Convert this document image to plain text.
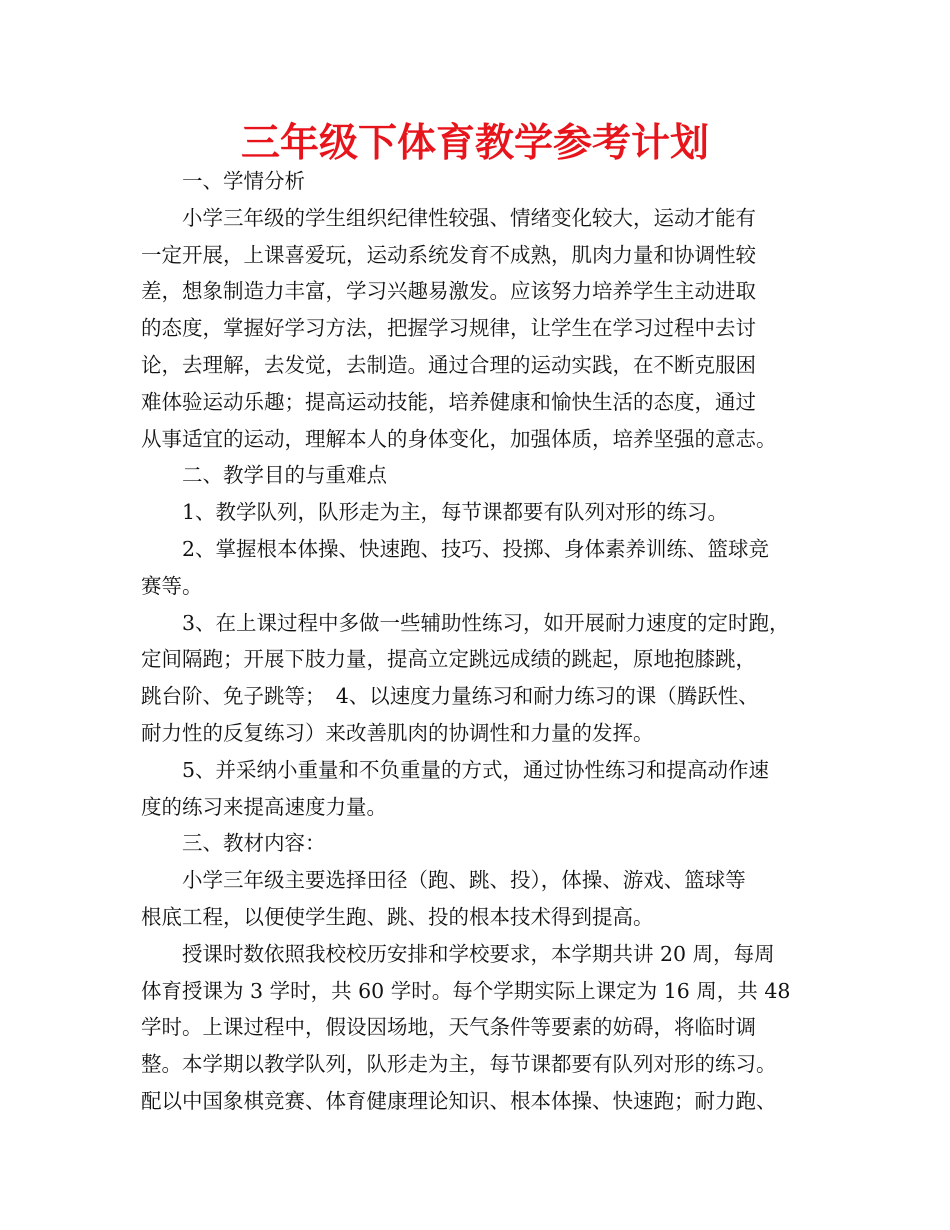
三年级下体育教学参考计划
一、学情分析
小学三年级的学生组织纪律性较强、情绪变化较大，运动才能有
一定开展，上课喜爱玩，运动系统发育不成熟，肌肉力量和协调性较
差，想象制造力丰富，学习兴趣易激发。应该努力培养学生主动进取
的态度，掌握好学习方法，把握学习规律，让学生在学习过程中去讨
论，去理解，去发觉，去制造。通过合理的运动实践，在不断克服困
难体验运动乐趣；提高运动技能，培养健康和愉快生活的态度，通过
从事适宜的运动，理解本人的身体变化，加强体质，培养坚强的意志。
二、教学目的与重难点
1、教学队列，队形走为主，每节课都要有队列对形的练习。
2、掌握根本体操、快速跑、技巧、投掷、身体素养训练、篮球竞
赛等。
3、在上课过程中多做一些辅助性练习，如开展耐力速度的定时跑，
定间隔跑；开展下肢力量，提高立定跳远成绩的跳起，原地抱膝跳，
跳台阶、免子跳等；　4、以速度力量练习和耐力练习的课（腾跃性、
耐力性的反复练习）来改善肌肉的协调性和力量的发挥。
5、并采纳小重量和不负重量的方式，通过协性练习和提高动作速
度的练习来提高速度力量。
三、教材内容：
小学三年级主要选择田径（跑、跳、投），体操、游戏、篮球等
根底工程，以便使学生跑、跳、投的根本技术得到提高。
授课时数依照我校校历安排和学校要求，本学期共讲 20 周，每周
体育授课为 3 学时，共 60 学时。每个学期实际上课定为 16 周，共 48
学时。上课过程中，假设因场地，天气条件等要素的妨碍，将临时调
整。本学期以教学队列，队形走为主，每节课都要有队列对形的练习。
配以中国象棋竞赛、体育健康理论知识、根本体操、快速跑；耐力跑、
